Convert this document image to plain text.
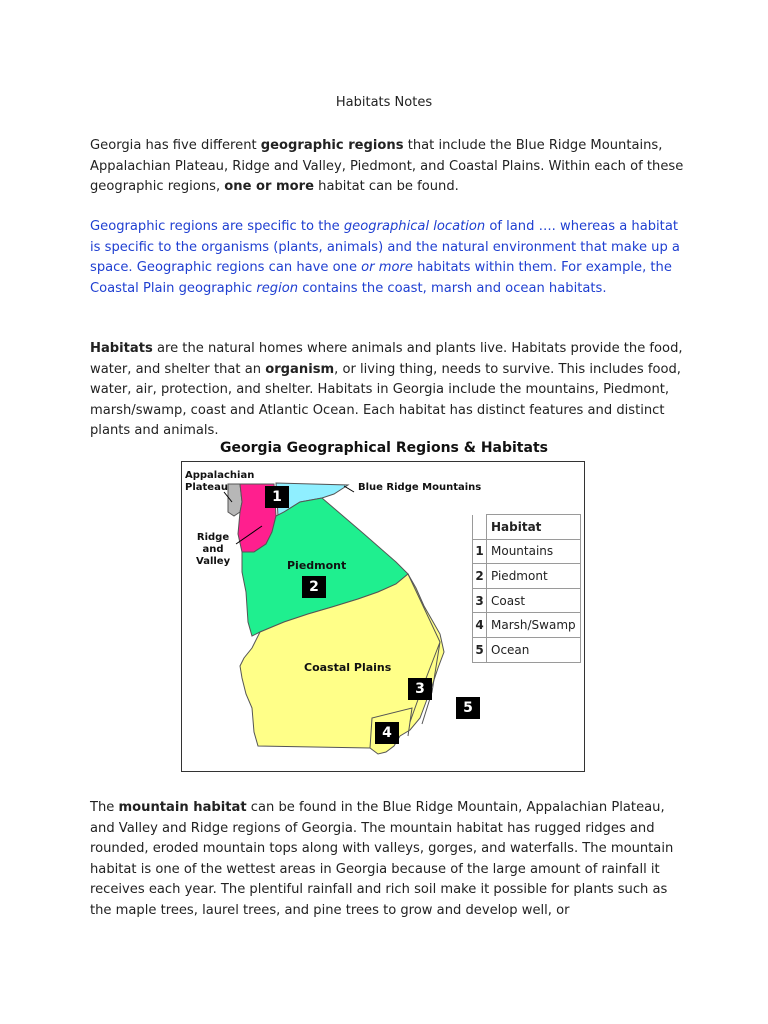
Habitats Notes

Georgia has five different geographic regions that include the Blue Ridge Mountains, Appalachian Plateau, Ridge and Valley, Piedmont, and Coastal Plains. Within each of these geographic regions, one or more habitat can be found.

Geographic regions are specific to the geographical location of land …. whereas a habitat is specific to the organisms (plants, animals) and the natural environment that make up a space. Geographic regions can have one or more habitats within them. For example, the Coastal Plain geographic region contains the coast, marsh and ocean habitats.

Habitats are the natural homes where animals and plants live. Habitats provide the food, water, and shelter that an organism, or living thing, needs to survive. This includes food, water, air, protection, and shelter. Habitats in Georgia include the mountains, Piedmont, marsh/swamp, coast and Atlantic Ocean. Each habitat has distinct features and distinct plants and animals.

Georgia Geographical Regions & Habitats
Appalachian
Plateau	Blue Ridge Mountains
Ridge
and
Valley	Piedmont
Coastal Plains
1
2
3
4
5
	Habitat
1	Mountains
2	Piedmont
3	Coast
4	Marsh/Swamp
5	Ocean

The mountain habitat can be found in the Blue Ridge Mountain, Appalachian Plateau, and Valley and Ridge regions of Georgia. The mountain habitat has rugged ridges and rounded, eroded mountain tops along with valleys, gorges, and waterfalls. The mountain habitat is one of the wettest areas in Georgia because of the large amount of rainfall it receives each year. The plentiful rainfall and rich soil make it possible for plants such as the maple trees, laurel trees, and pine trees to grow and develop well, or
